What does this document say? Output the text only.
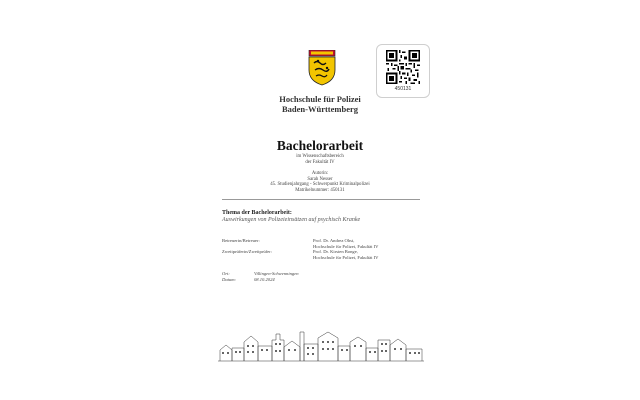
450131
Hochschule für Polizei
Baden-Württemberg
Bachelorarbeit
im Wissenschaftsbereich
der Fakultät IV
Autorin:
Sarah Nesser
45. Studienjahrgang - Schwerpunkt Kriminalpolizei
Matrikelnummer: 450131
Thema der Bachelorarbeit:
Auswirkungen von Polizeieinsätzen auf psychisch Kranke
Betreuerin/Betreuer:	Prof. Dr. Andrea Ohst,
Hochschule für Polizei, Fakultät IV
Zweitprüferin/Zweitprüfer:	Prof. Dr. Kirsten Bonge,
Hochschule für Polizei, Fakultät IV
Ort:	Villingen-Schwenningen
Datum:	08.10.2024
